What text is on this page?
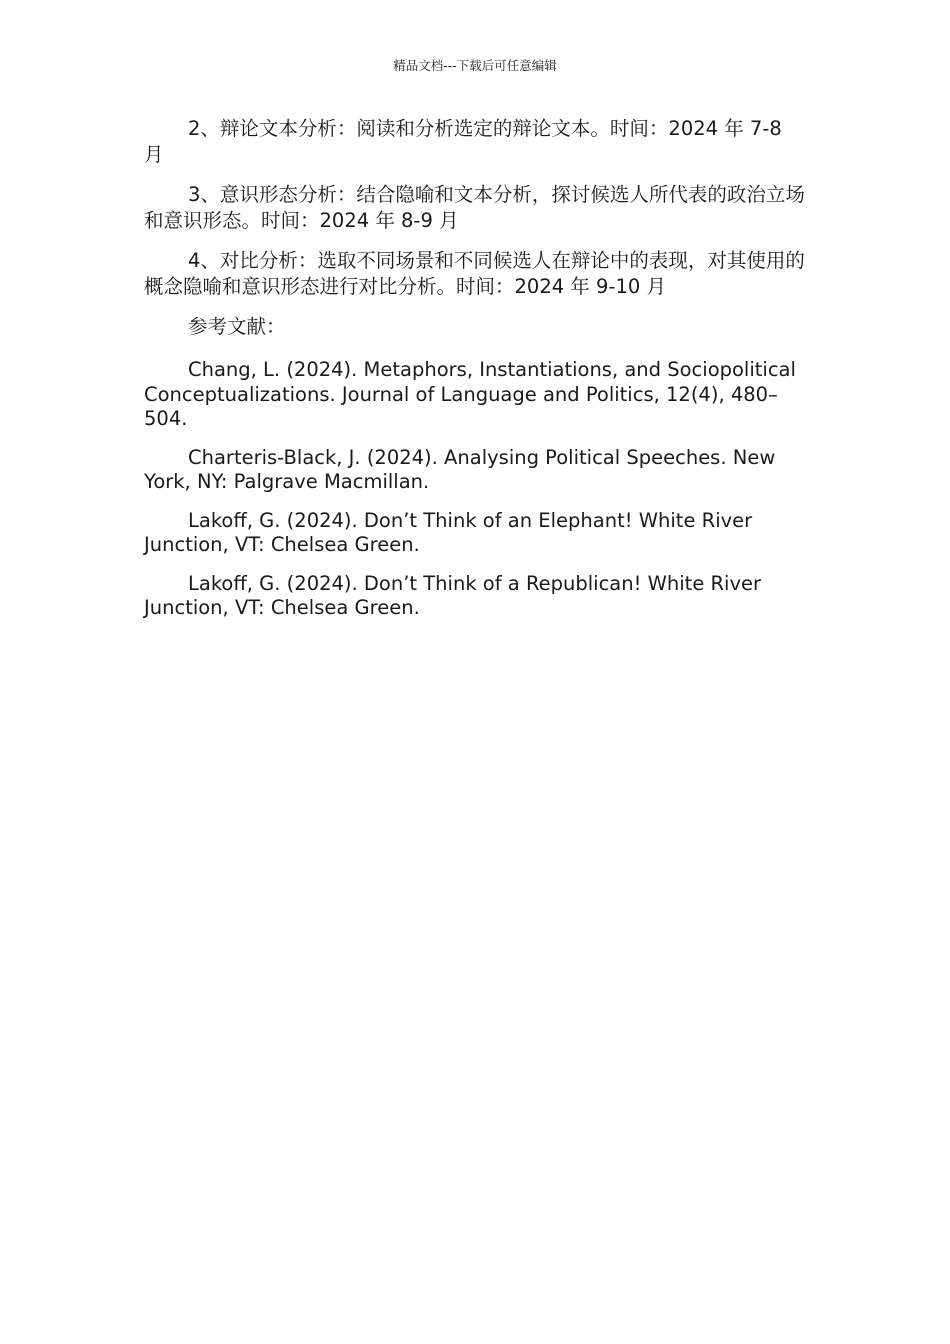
精品文档---下载后可任意编辑

2、辩论文本分析：阅读和分析选定的辩论文本。时间：2024 年 7-8 月

3、意识形态分析：结合隐喻和文本分析，探讨候选人所代表的政治立场和意识形态。时间：2024 年 8-9 月

4、对比分析：选取不同场景和不同候选人在辩论中的表现，对其使用的概念隐喻和意识形态进行对比分析。时间：2024 年 9-10 月

参考文献：

Chang, L. (2024). Metaphors, Instantiations, and Sociopolitical Conceptualizations. Journal of Language and Politics, 12(4), 480–504.

Charteris-Black, J. (2024). Analysing Political Speeches. New York, NY: Palgrave Macmillan.

Lakoff, G. (2024). Don’t Think of an Elephant! White River Junction, VT: Chelsea Green.

Lakoff, G. (2024). Don’t Think of a Republican! White River Junction, VT: Chelsea Green.
